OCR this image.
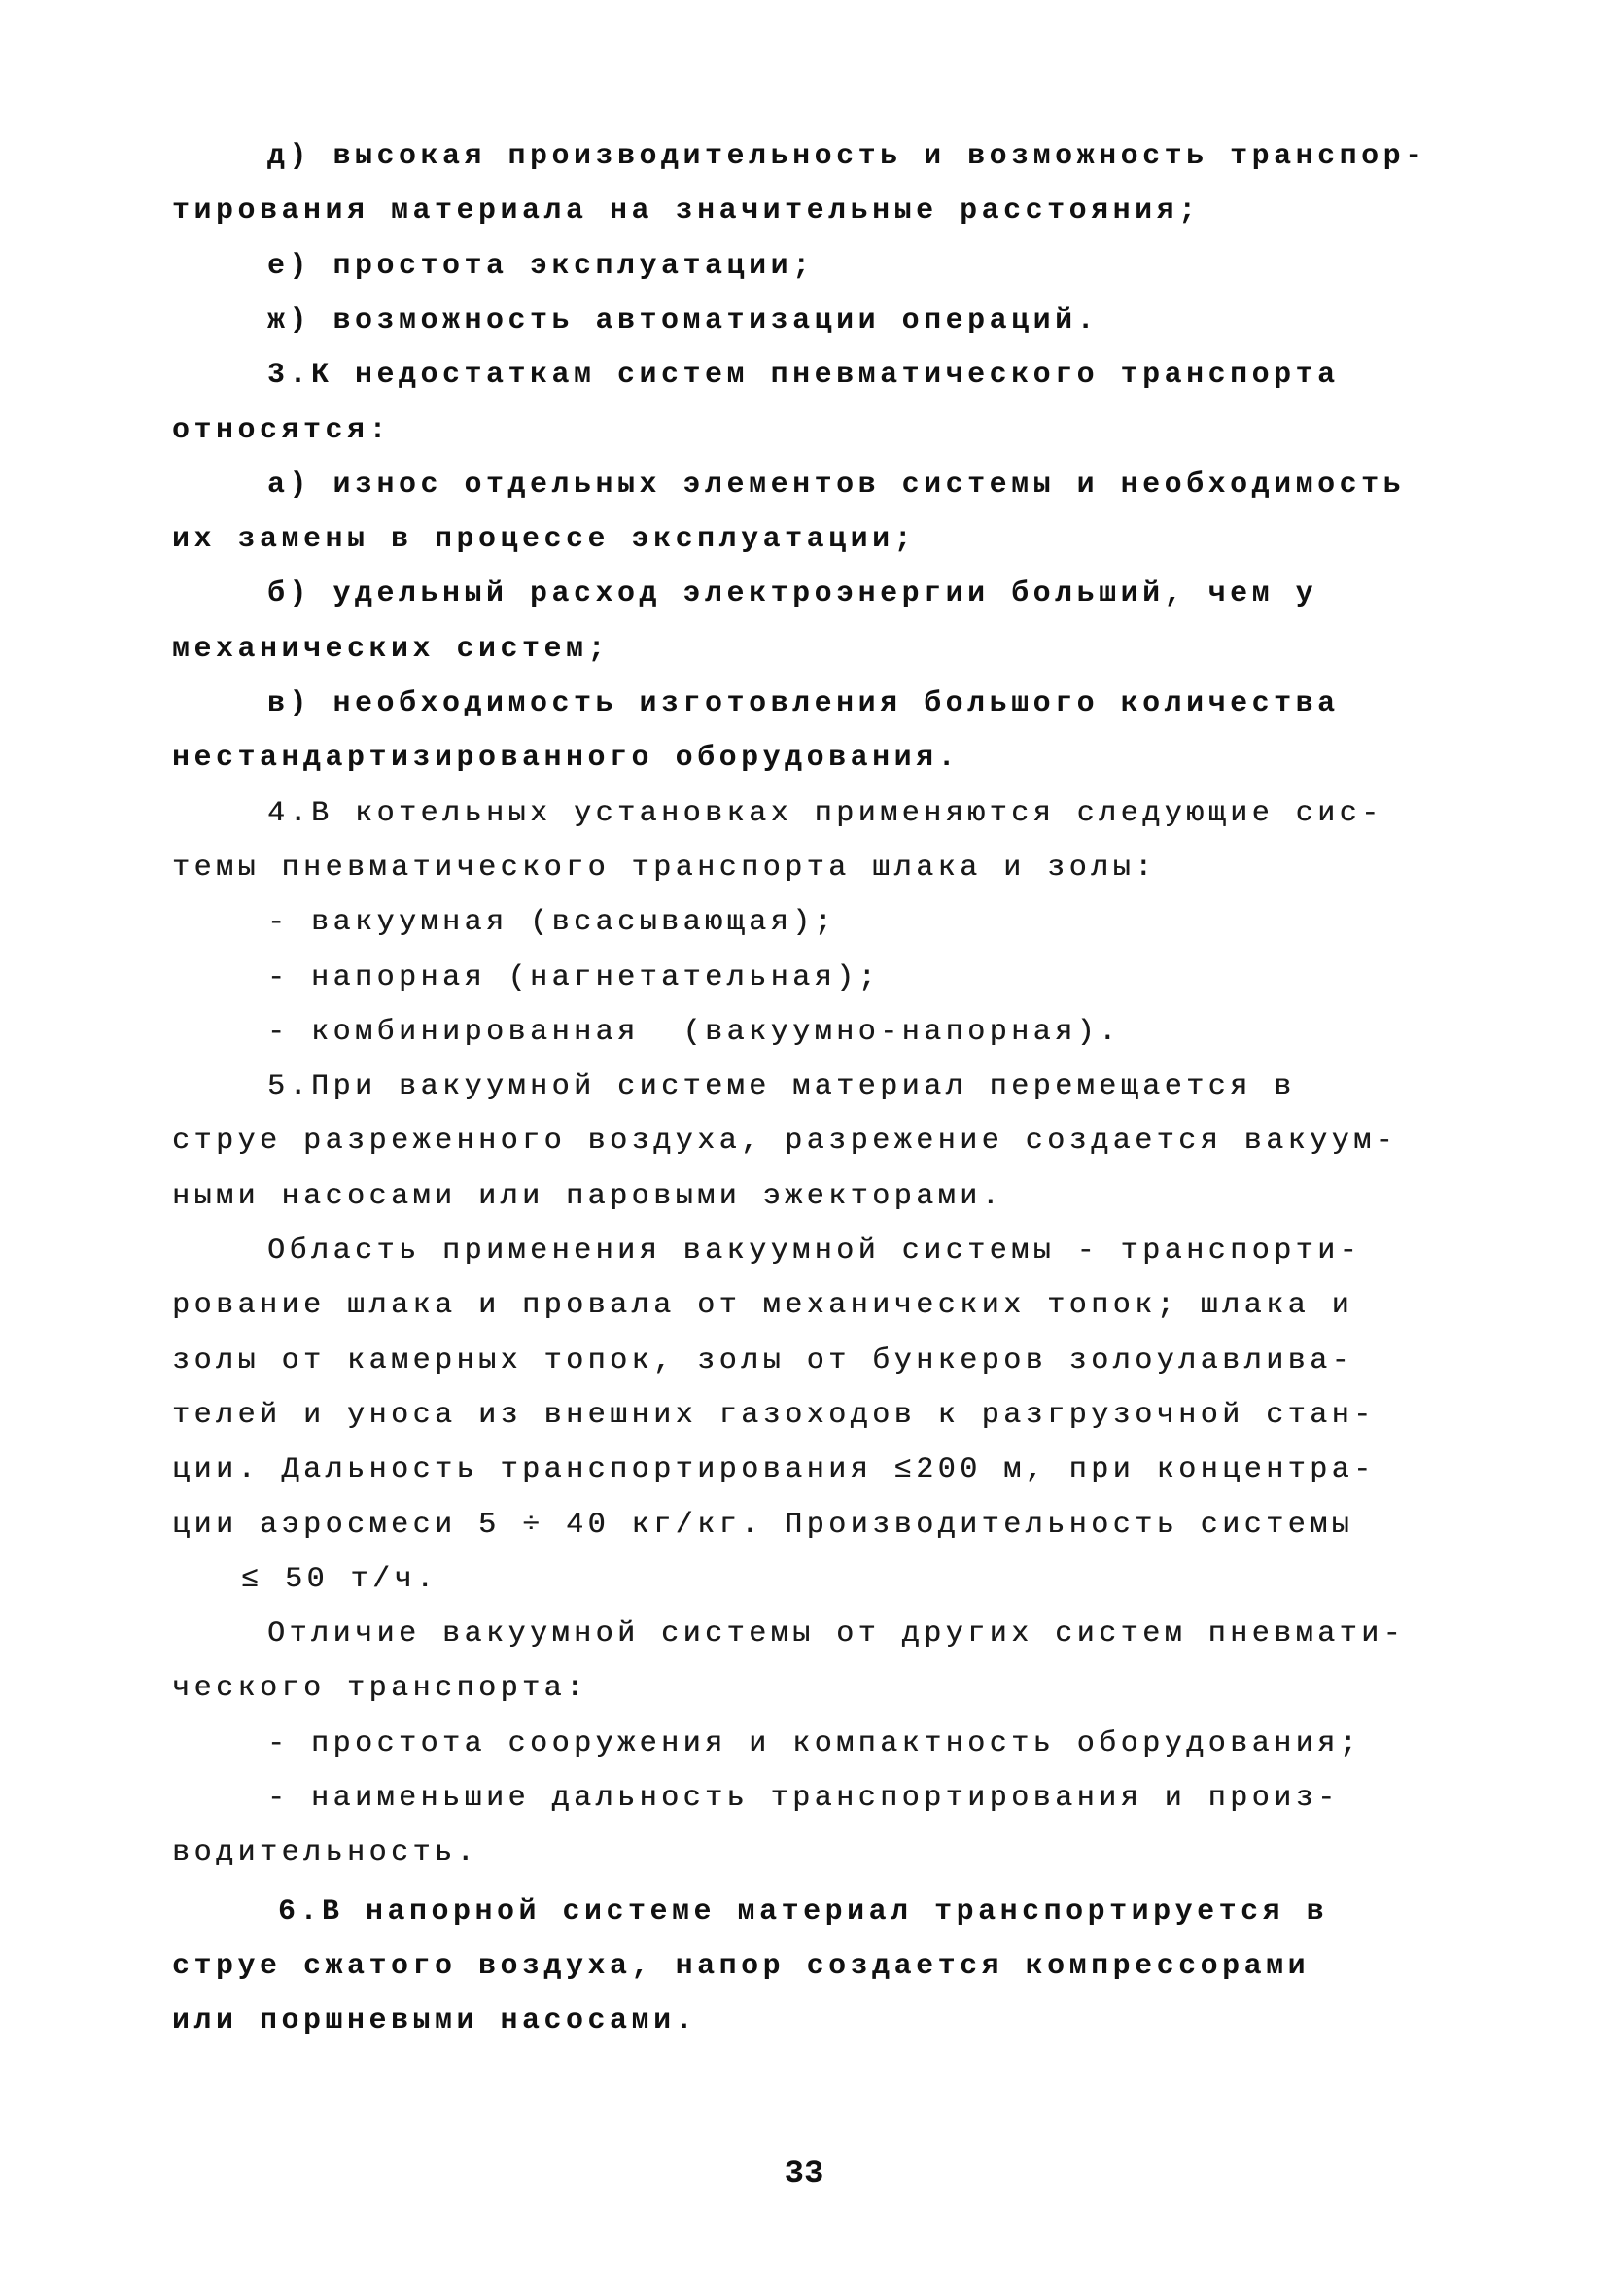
д) высокая производительность и возможность транспор-
тирования материала на значительные расстояния;
е) простота эксплуатации;
ж) возможность автоматизации операций.
3.К недостаткам систем пневматического транспорта
относятся:
а) износ отдельных элементов системы и необходимость
их замены в процессе эксплуатации;
б) удельный расход электроэнергии больший, чем у
механических систем;
в) необходимость изготовления большого количества
нестандартизированного оборудования.
4.В котельных установках применяются следующие сис-
темы пневматического транспорта шлака и золы:
- вакуумная (всасывающая);
- напорная (нагнетательная);
- комбинированная  (вакуумно-напорная).
5.При вакуумной системе материал перемещается в
струе разреженного воздуха, разрежение создается вакуум-
ными насосами или паровыми эжекторами.
Область применения вакуумной системы - транспорти-
рование шлака и провала от механических топок; шлака и
золы от камерных топок, золы от бункеров золоулавлива-
телей и уноса из внешних газоходов к разгрузочной стан-
ции. Дальность транспортирования ≤200 м, при концентра-
ции аэросмеси 5 ÷ 40 кг/кг. Производительность системы
≤ 50 т/ч.
Отличие вакуумной системы от других систем пневмати-
ческого транспорта:
- простота сооружения и компактность оборудования;
- наименьшие дальность транспортирования и произ-
водительность.
6.В напорной системе материал транспортируется в
струе сжатого воздуха, напор создается компрессорами
или поршневыми насосами.
33
